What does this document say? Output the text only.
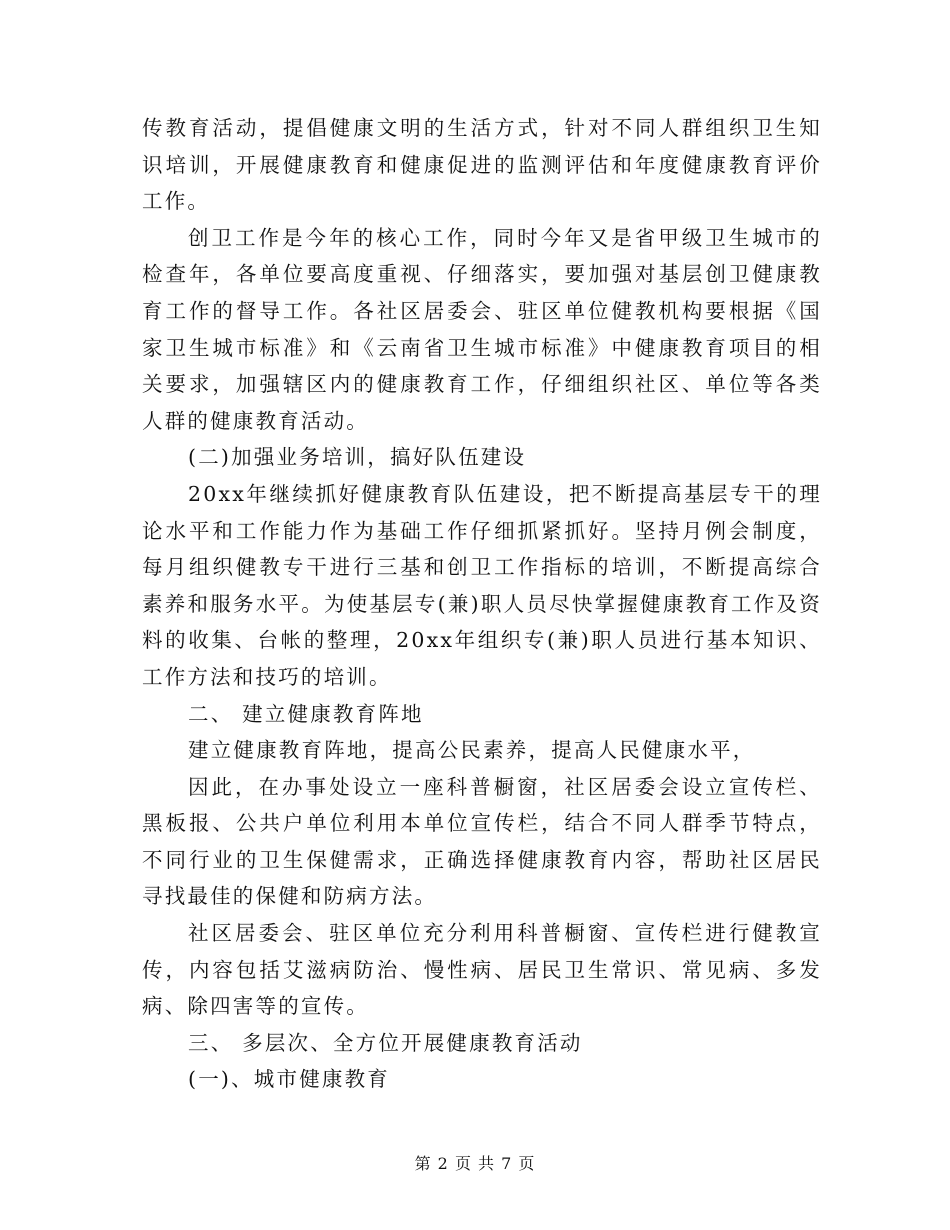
传教育活动，提倡健康文明的生活方式，针对不同人群组织卫生知识培训，开展健康教育和健康促进的监测评估和年度健康教育评价工作。

创卫工作是今年的核心工作，同时今年又是省甲级卫生城市的检查年，各单位要高度重视、仔细落实，要加强对基层创卫健康教育工作的督导工作。各社区居委会、驻区单位健教机构要根据《国家卫生城市标准》和《云南省卫生城市标准》中健康教育项目的相关要求，加强辖区内的健康教育工作，仔细组织社区、单位等各类人群的健康教育活动。

(二)加强业务培训，搞好队伍建设

20xx年继续抓好健康教育队伍建设，把不断提高基层专干的理论水平和工作能力作为基础工作仔细抓紧抓好。坚持月例会制度，每月组织健教专干进行三基和创卫工作指标的培训，不断提高综合素养和服务水平。为使基层专(兼)职人员尽快掌握健康教育工作及资料的收集、台帐的整理，20xx年组织专(兼)职人员进行基本知识、工作方法和技巧的培训。

二、 建立健康教育阵地

建立健康教育阵地，提高公民素养，提高人民健康水平，

因此，在办事处设立一座科普橱窗，社区居委会设立宣传栏、黑板报、公共户单位利用本单位宣传栏，结合不同人群季节特点，不同行业的卫生保健需求，正确选择健康教育内容，帮助社区居民寻找最佳的保健和防病方法。

社区居委会、驻区单位充分利用科普橱窗、宣传栏进行健教宣传，内容包括艾滋病防治、慢性病、居民卫生常识、常见病、多发病、除四害等的宣传。

三、 多层次、全方位开展健康教育活动

(一)、城市健康教育

第 2 页 共 7 页
